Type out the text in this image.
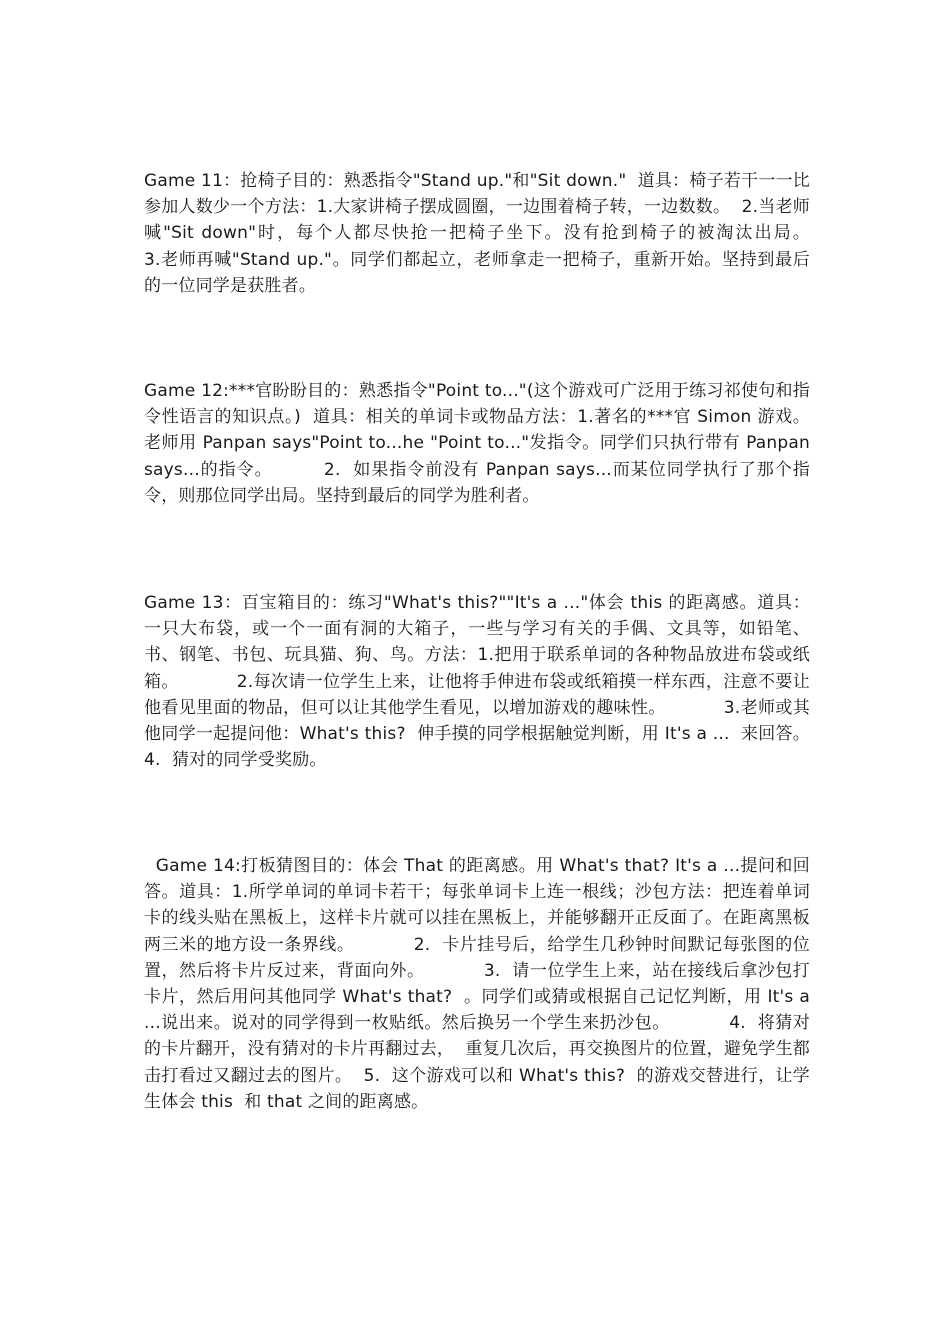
Game 11：抢椅子目的：熟悉指令"Stand up."和"Sit down."  道具：椅子若干一一比参加人数少一个方法：1.大家讲椅子摆成圆圈，一边围着椅子转，一边数数。  2.当老师喊"Sit down"时，每个人都尽快抢一把椅子坐下。没有抢到椅子的被淘汰出局。          3.老师再喊"Stand up."。同学们都起立，老师拿走一把椅子，重新开始。坚持到最后的一位同学是获胜者。

Game 12:***官盼盼目的：熟悉指令"Point to..."(这个游戏可广泛用于练习祁使句和指令性语言的知识点。)  道具：相关的单词卡或物品方法：1.著名的***官 Simon 游戏。老师用 Panpan says"Point to...he "Point to..."发指令。同学们只执行带有 Panpansays...的指令。        2.  如果指令前没有 Panpan says...而某位同学执行了那个指令，则那位同学出局。坚持到最后的同学为胜利者。

Game 13：百宝箱目的：练习"What's this?""It's a ..."体会 this 的距离感。道具：一只大布袋，或一个一面有洞的大箱子，一些与学习有关的手偶、文具等，如铅笔、书、钢笔、书包、玩具猫、狗、鸟。方法：1.把用于联系单词的各种物品放进布袋或纸箱。          2.每次请一位学生上来，让他将手伸进布袋或纸箱摸一样东西，注意不要让他看见里面的物品，但可以让其他学生看见，以增加游戏的趣味性。          3.老师或其他同学一起提问他：What's this?  伸手摸的同学根据触觉判断，用 It's a ...  来回答。          4.  猜对的同学受奖励。

Game 14:打板猜图目的：体会 That 的距离感。用 What's that? It's a ...提问和回答。道具：1.所学单词的单词卡若干；每张单词卡上连一根线；沙包方法：把连着单词卡的线头贴在黑板上，这样卡片就可以挂在黑板上，并能够翻开正反面了。在距离黑板两三米的地方设一条界线。          2.  卡片挂号后，给学生几秒钟时间默记每张图的位置，然后将卡片反过来，背面向外。          3.  请一位学生上来，站在接线后拿沙包打卡片，然后用问其他同学 What's that?  。同学们或猜或根据自己记忆判断，用 It's a ...说出来。说对的同学得到一枚贴纸。然后换另一个学生来扔沙包。          4.  将猜对的卡片翻开，没有猜对的卡片再翻过去，  重复几次后，再交换图片的位置，避免学生都击打看过又翻过去的图片。  5.  这个游戏可以和 What's this?  的游戏交替进行，让学生体会 this  和 that 之间的距离感。
